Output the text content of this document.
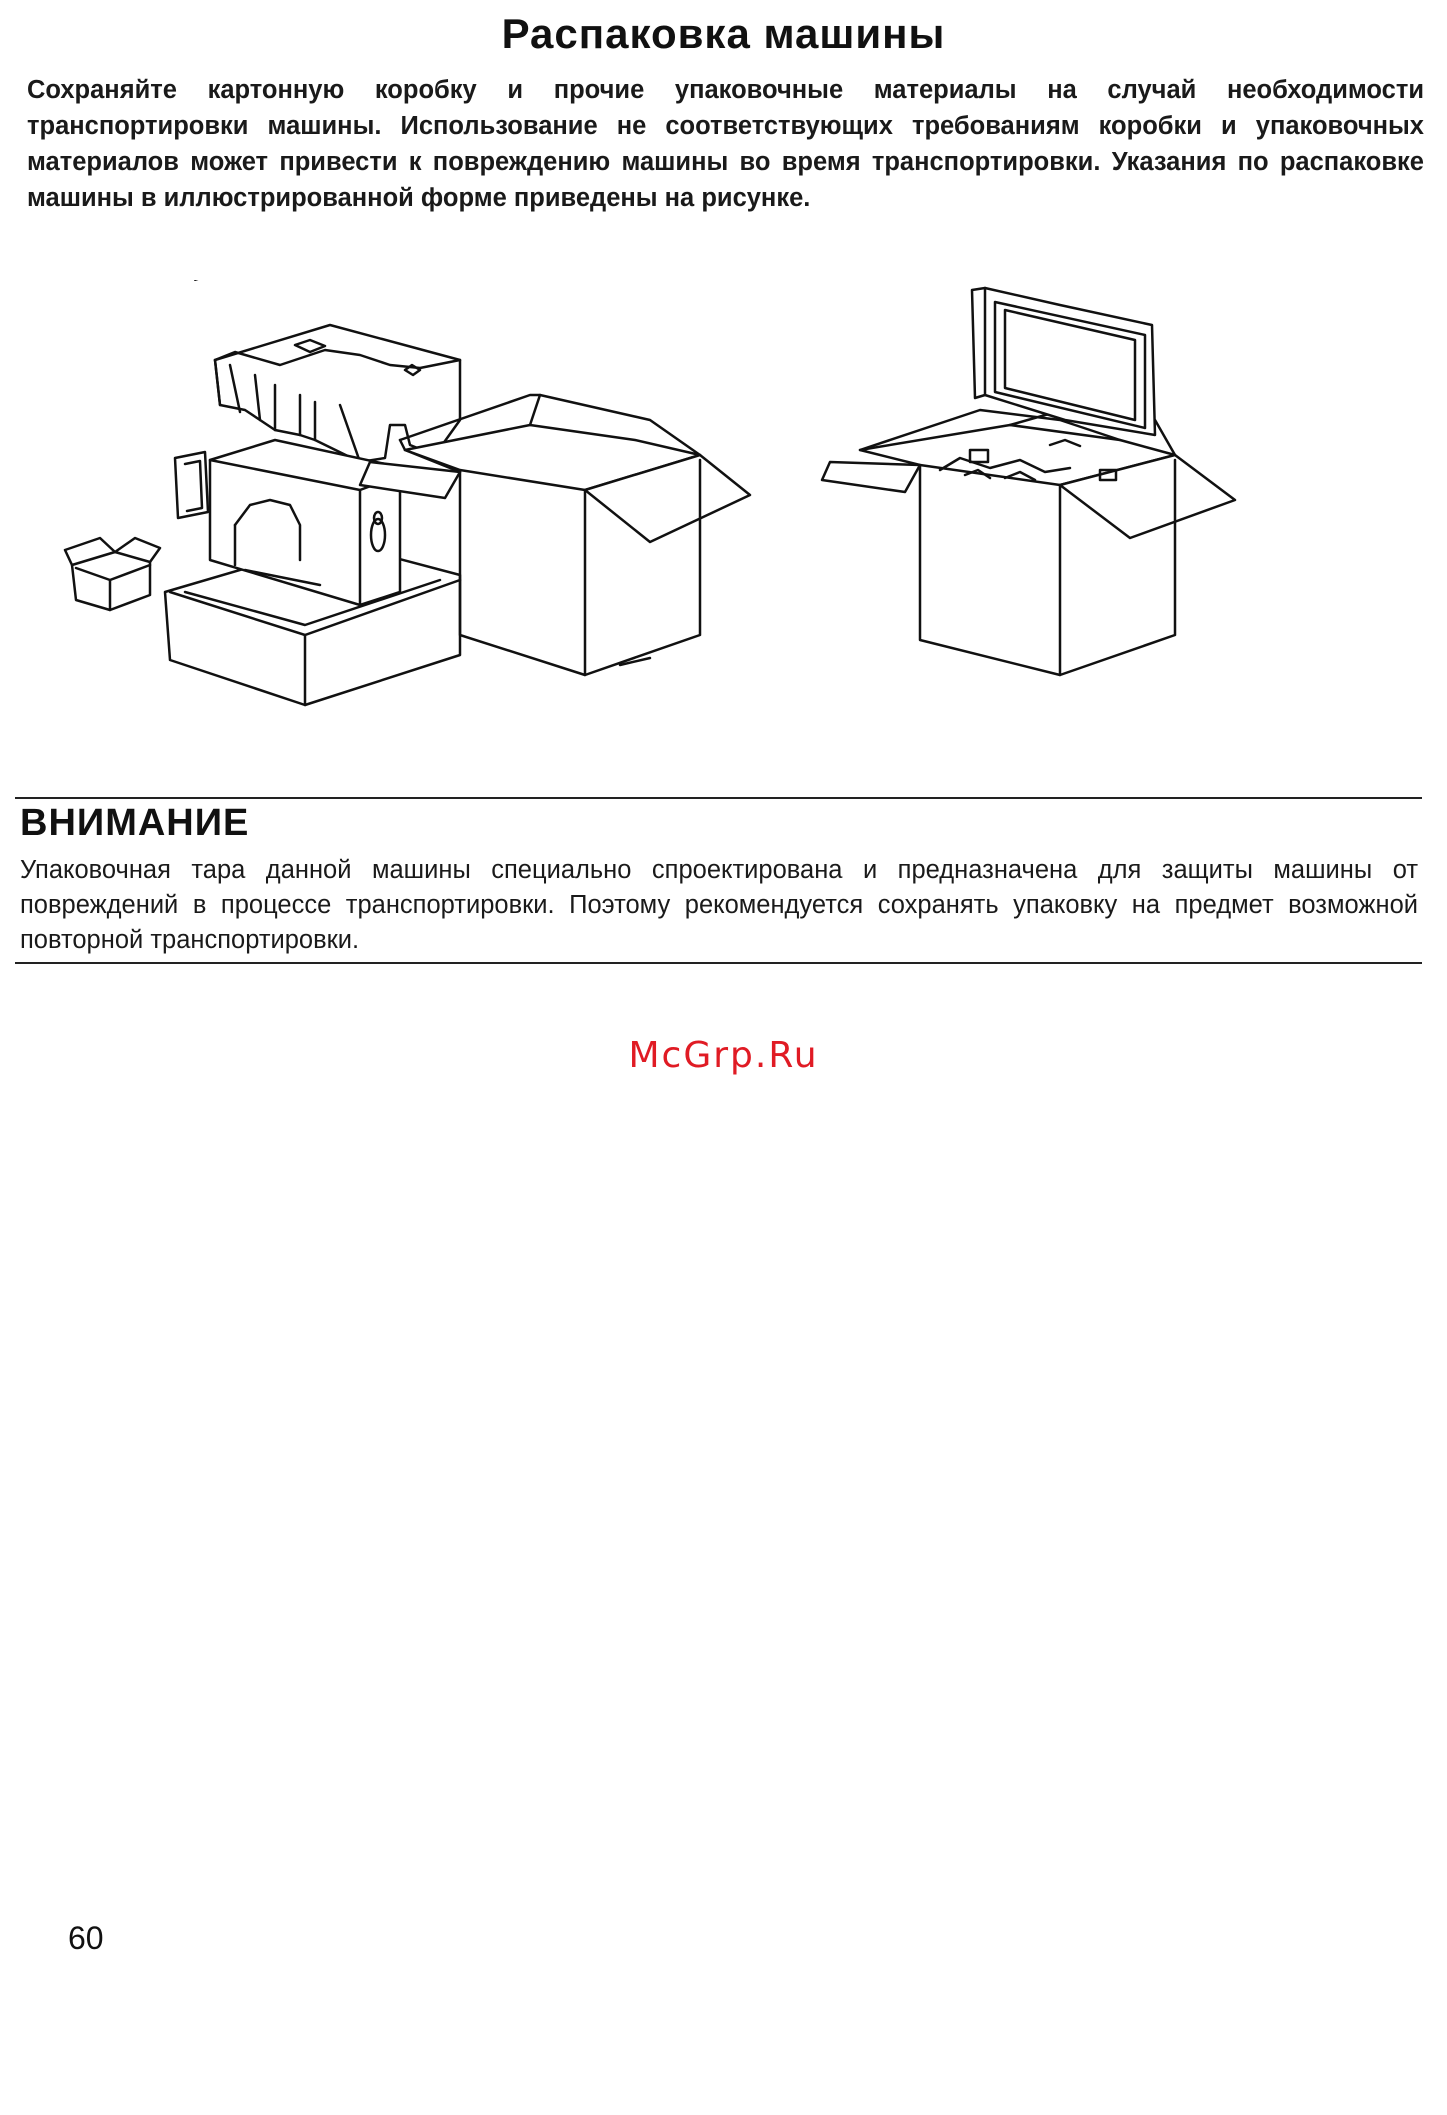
Распаковка машины
Сохраняйте картонную коробку и прочие упаковочные материалы на случай необходимости транспортировки машины. Использование не соответствующих требованиям коробки и упаковочных материалов может привести к повреждению машины во время транспортировки. Указания по распаковке машины в иллюстрированной форме приведены на рисунке.
ВНИМАНИЕ
Упаковочная тара данной машины специально спроектирована и предназначена для защиты машины от повреждений в процессе транспортировки. Поэтому рекомендуется сохранять упаковку на предмет возможной повторной транспортировки.
McGrp.Ru
60
